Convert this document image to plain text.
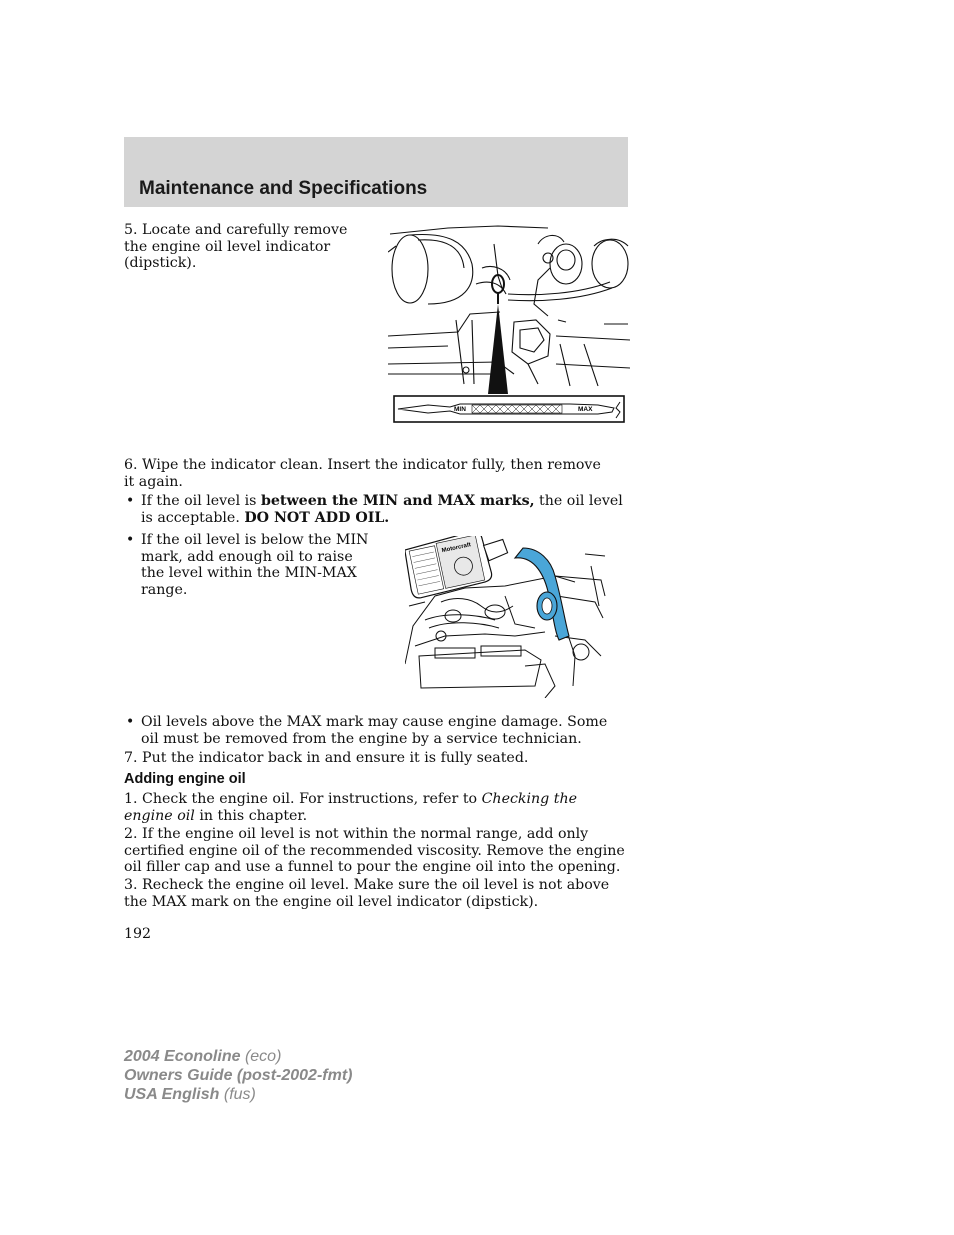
Maintenance and Specifications

5. Locate and carefully remove the engine oil level indicator (dipstick).

MIN	MAX

6. Wipe the indicator clean. Insert the indicator fully, then remove it again.

• If the oil level is between the MIN and MAX marks, the oil level is acceptable. DO NOT ADD OIL.

• If the oil level is below the MIN mark, add enough oil to raise the level within the MIN-MAX range.

Motorcraft
• Oil levels above the MAX mark may cause engine damage. Some oil must be removed from the engine by a service technician.

7. Put the indicator back in and ensure it is fully seated.

Adding engine oil

1. Check the engine oil. For instructions, refer to Checking the engine oil in this chapter.

2. If the engine oil level is not within the normal range, add only certified engine oil of the recommended viscosity. Remove the engine oil filler cap and use a funnel to pour the engine oil into the opening.

3. Recheck the engine oil level. Make sure the oil level is not above the MAX mark on the engine oil level indicator (dipstick).

192

2004 Econoline (eco)
Owners Guide (post-2002-fmt)
USA English (fus)
